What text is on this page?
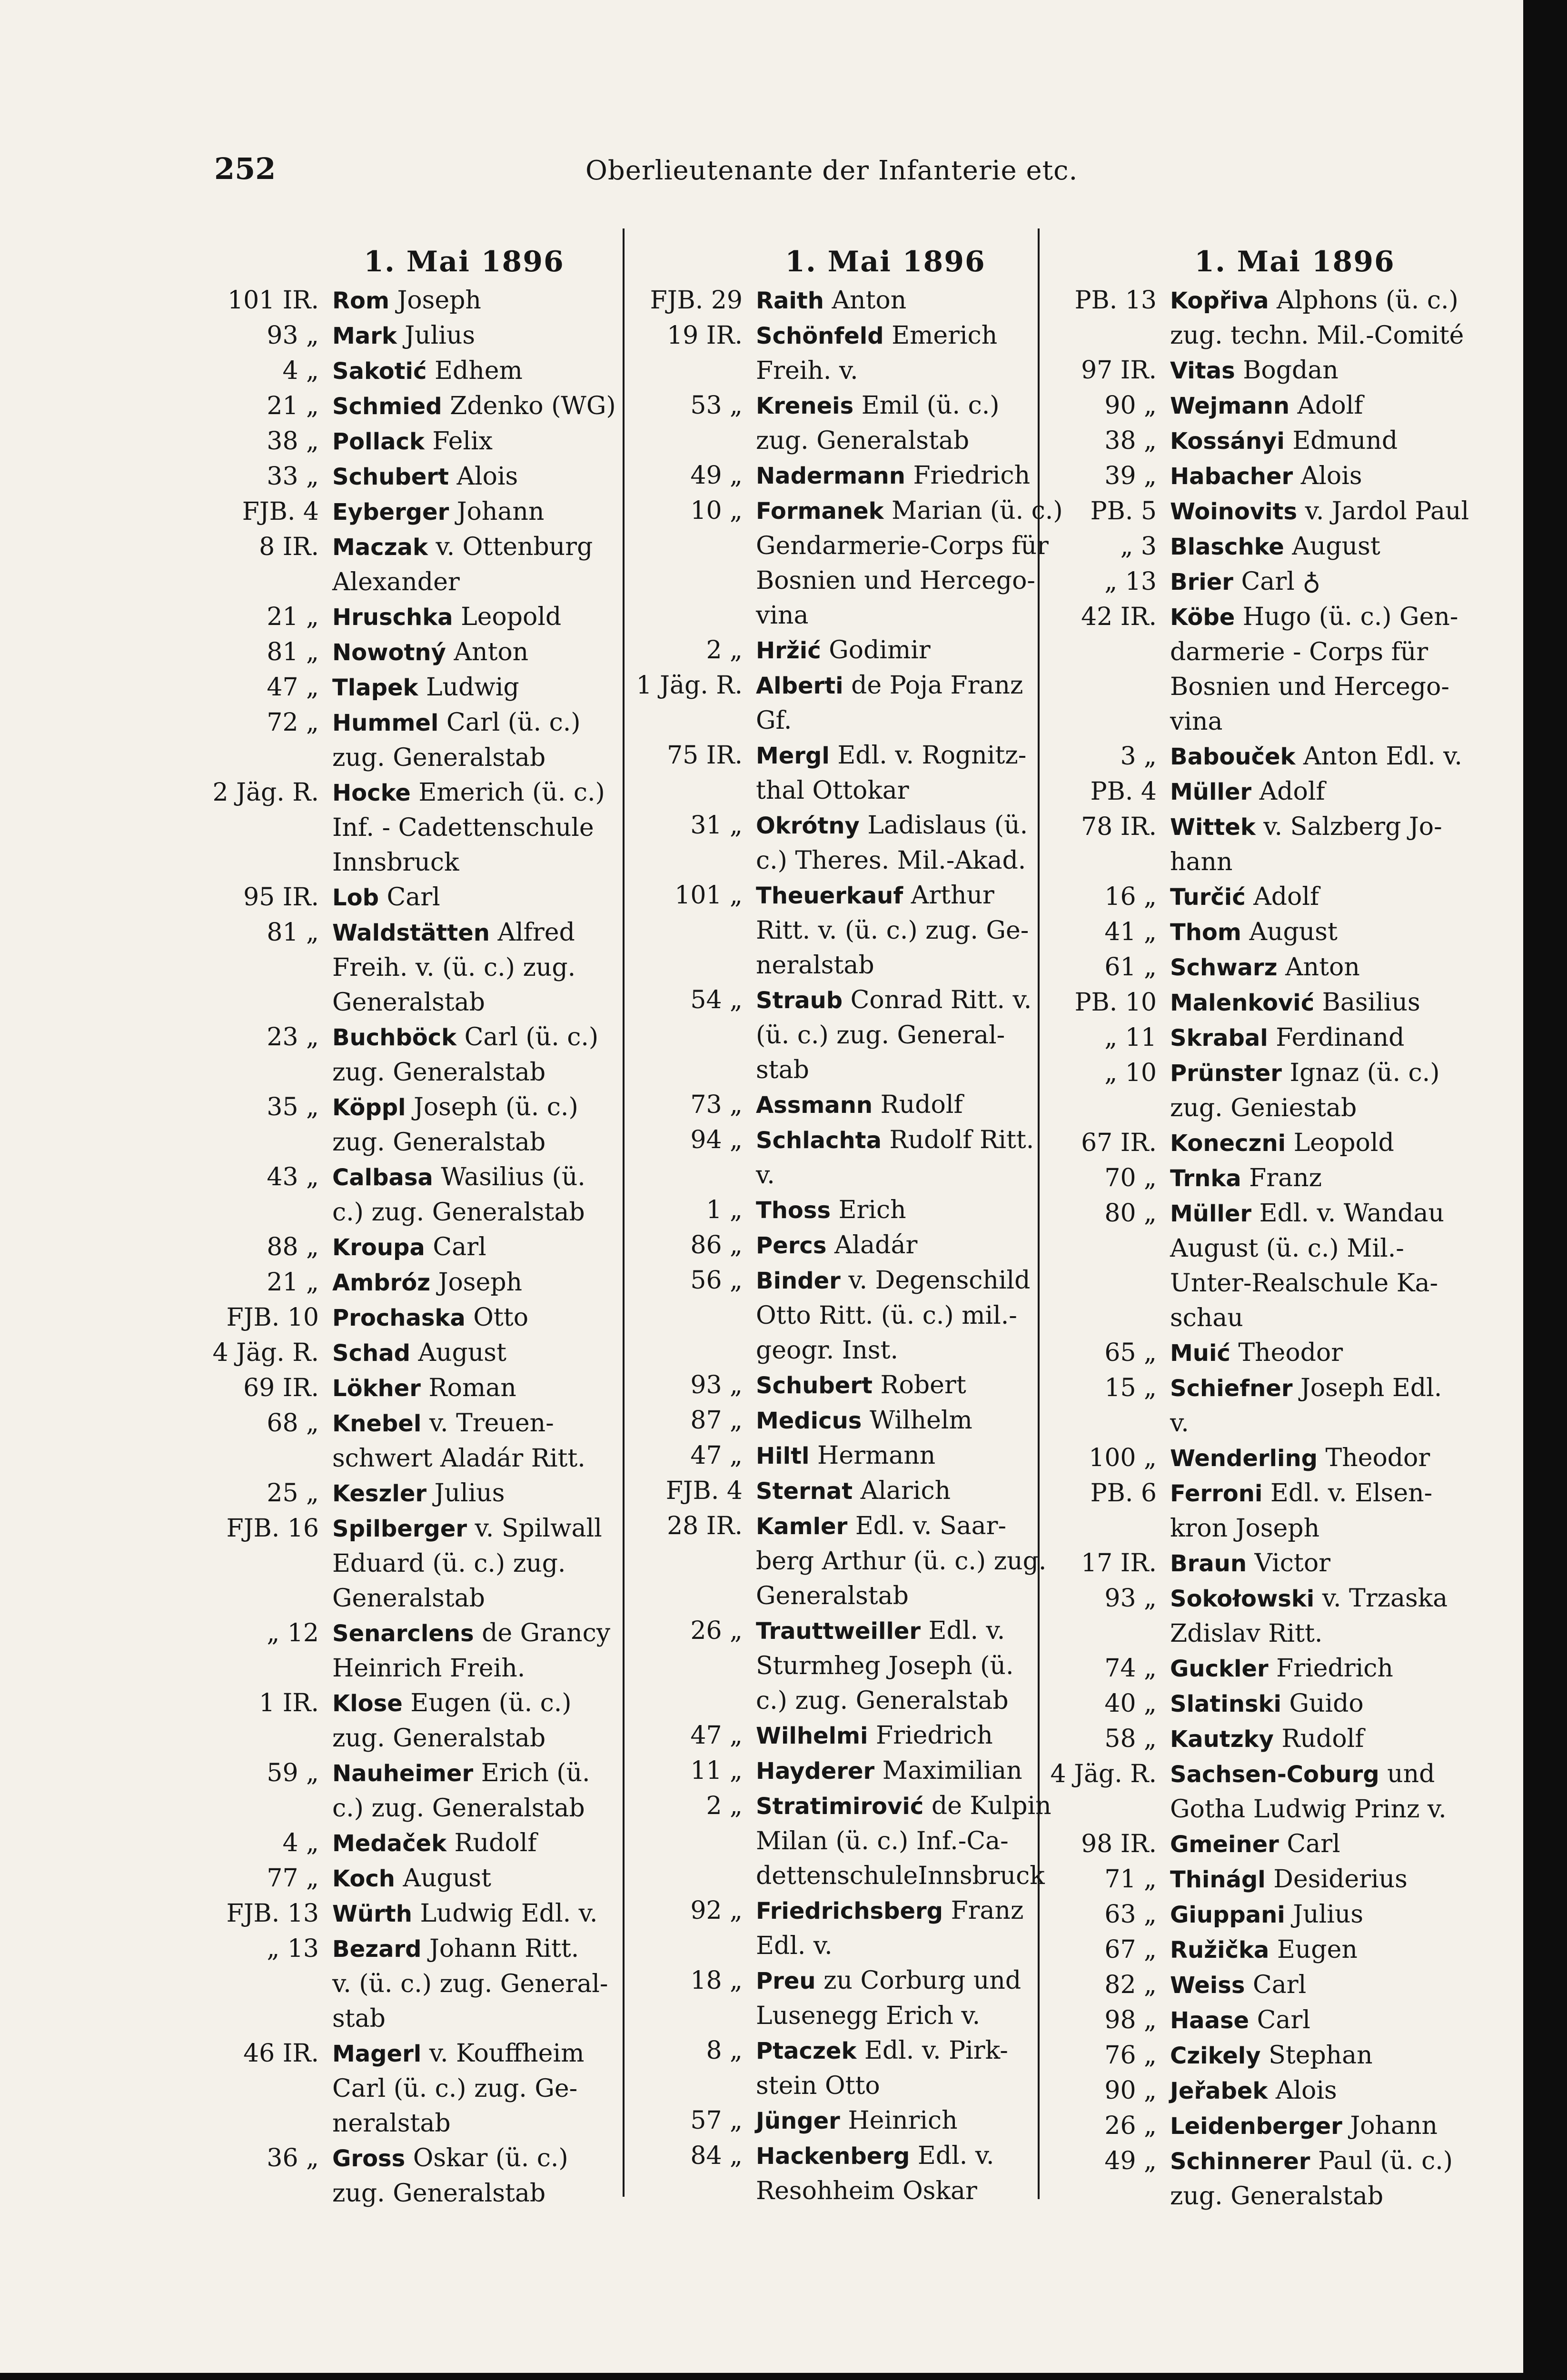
252	Oberlieutenante der Infanterie etc.
1. Mai 1896
101 IR. Rom Joseph
93 „ Mark Julius
4 „ Sakotić Edhem
21 „ Schmied Zdenko (WG)
38 „ Pollack Felix
33 „ Schubert Alois
FJB. 4 Eyberger Johann
8 IR. Maczak v. Ottenburg
Alexander
21 „ Hruschka Leopold
81 „ Nowotný Anton
47 „ Tlapek Ludwig
72 „ Hummel Carl (ü. c.)
zug. Generalstab
2 Jäg. R. Hocke Emerich (ü. c.)
Inf. - Cadettenschule
Innsbruck
95 IR. Lob Carl
81 „ Waldstätten Alfred
Freih. v. (ü. c.) zug.
Generalstab
23 „ Buchböck Carl (ü. c.)
zug. Generalstab
35 „ Köppl Joseph (ü. c.)
zug. Generalstab
43 „ Calbasa Wasilius (ü.
c.) zug. Generalstab
88 „ Kroupa Carl
21 „ Ambróz Joseph
FJB. 10 Prochaska Otto
4 Jäg. R. Schad August
69 IR. Lökher Roman
68 „ Knebel v. Treuen-
schwert Aladár Ritt.
25 „ Keszler Julius
FJB. 16 Spilberger v. Spilwall
Eduard (ü. c.) zug.
Generalstab
„ 12 Senarclens de Grancy
Heinrich Freih.
1 IR. Klose Eugen (ü. c.)
zug. Generalstab
59 „ Nauheimer Erich (ü.
c.) zug. Generalstab
4 „ Medaček Rudolf
77 „ Koch August
FJB. 13 Würth Ludwig Edl. v.
„ 13 Bezard Johann Ritt.
v. (ü. c.) zug. General-
stab
46 IR. Magerl v. Kouffheim
Carl (ü. c.) zug. Ge-
neralstab
36 „ Gross Oskar (ü. c.)
zug. Generalstab
1. Mai 1896
FJB. 29 Raith Anton
19 IR. Schönfeld Emerich
Freih. v.
53 „ Kreneis Emil (ü. c.)
zug. Generalstab
49 „ Nadermann Friedrich
10 „ Formanek Marian (ü. c.)
Gendarmerie-Corps für
Bosnien und Hercego-
vina
2 „ Hržić Godimir
1 Jäg. R. Alberti de Poja Franz
Gf.
75 IR. Mergl Edl. v. Rognitz-
thal Ottokar
31 „ Okrótny Ladislaus (ü.
c.) Theres. Mil.-Akad.
101 „ Theuerkauf Arthur
Ritt. v. (ü. c.) zug. Ge-
neralstab
54 „ Straub Conrad Ritt. v.
(ü. c.) zug. General-
stab
73 „ Assmann Rudolf
94 „ Schlachta Rudolf Ritt.
v.
1 „ Thoss Erich
86 „ Percs Aladár
56 „ Binder v. Degenschild
Otto Ritt. (ü. c.) mil.-
geogr. Inst.
93 „ Schubert Robert
87 „ Medicus Wilhelm
47 „ Hiltl Hermann
FJB. 4 Sternat Alarich
28 IR. Kamler Edl. v. Saar-
berg Arthur (ü. c.) zug.
Generalstab
26 „ Trauttweiller Edl. v.
Sturmheg Joseph (ü.
c.) zug. Generalstab
47 „ Wilhelmi Friedrich
11 „ Hayderer Maximilian
2 „ Stratimirović de Kulpin
Milan (ü. c.) Inf.-Ca-
dettenschuleInnsbruck
92 „ Friedrichsberg Franz
Edl. v.
18 „ Preu zu Corburg und
Lusenegg Erich v.
8 „ Ptaczek Edl. v. Pirk-
stein Otto
57 „ Jünger Heinrich
84 „ Hackenberg Edl. v.
Resohheim Oskar
1. Mai 1896
PB. 13 Kopřiva Alphons (ü. c.)
zug. techn. Mil.-Comité
97 IR. Vitas Bogdan
90 „ Wejmann Adolf
38 „ Kossányi Edmund
39 „ Habacher Alois
PB. 5 Woinovits v. Jardol Paul
„ 3 Blaschke August
„ 13 Brier Carl ♁
42 IR. Köbe Hugo (ü. c.) Gen-
darmerie - Corps für
Bosnien und Hercego-
vina
3 „ Babouček Anton Edl. v.
PB. 4 Müller Adolf
78 IR. Wittek v. Salzberg Jo-
hann
16 „ Turčić Adolf
41 „ Thom August
61 „ Schwarz Anton
PB. 10 Malenković Basilius
„ 11 Skrabal Ferdinand
„ 10 Prünster Ignaz (ü. c.)
zug. Geniestab
67 IR. Koneczni Leopold
70 „ Trnka Franz
80 „ Müller Edl. v. Wandau
August (ü. c.) Mil.-
Unter-Realschule Ka-
schau
65 „ Muić Theodor
15 „ Schiefner Joseph Edl.
v.
100 „ Wenderling Theodor
PB. 6 Ferroni Edl. v. Elsen-
kron Joseph
17 IR. Braun Victor
93 „ Sokołowski v. Trzaska
Zdislav Ritt.
74 „ Guckler Friedrich
40 „ Slatinski Guido
58 „ Kautzky Rudolf
4 Jäg. R. Sachsen-Coburg und
Gotha Ludwig Prinz v.
98 IR. Gmeiner Carl
71 „ Thinágl Desiderius
63 „ Giuppani Julius
67 „ Ružička Eugen
82 „ Weiss Carl
98 „ Haase Carl
76 „ Czikely Stephan
90 „ Jeřabek Alois
26 „ Leidenberger Johann
49 „ Schinnerer Paul (ü. c.)
zug. Generalstab
